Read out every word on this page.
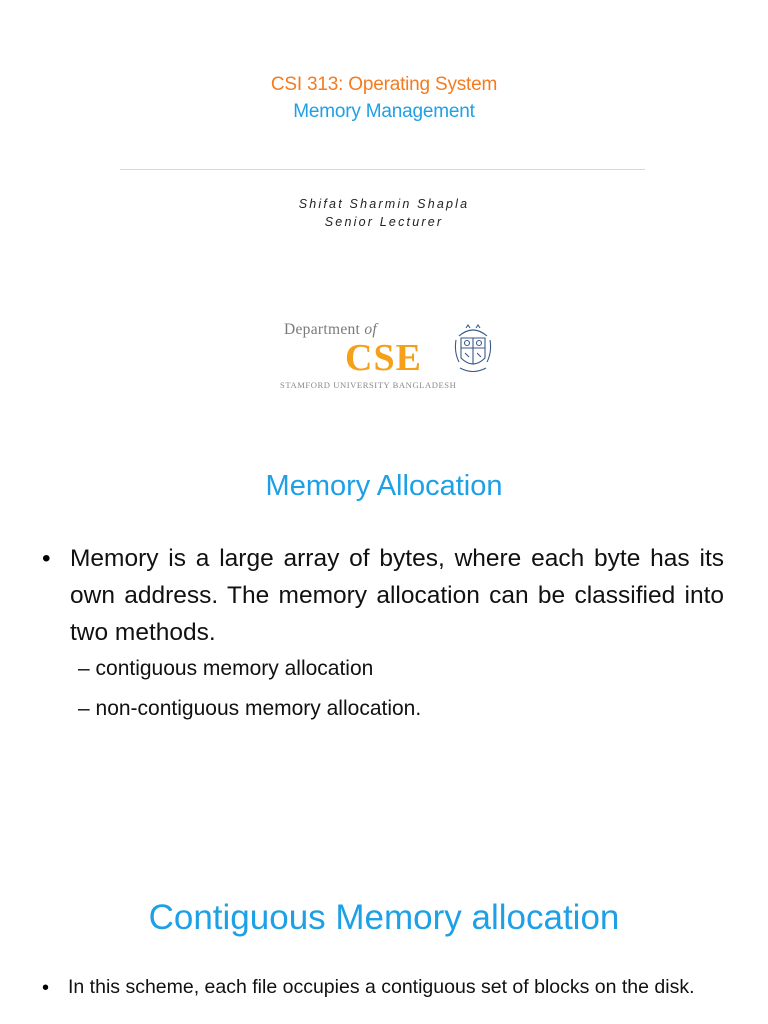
CSI 313: Operating System
Memory Management
Shifat Sharmin Shapla
Senior Lecturer
Department of
CSE
STAMFORD UNIVERSITY BANGLADESH
Memory Allocation
• Memory is a large array of bytes, where each byte has its own address. The memory allocation can be classified into two methods.
– contiguous memory allocation
– non-contiguous memory allocation.
Contiguous Memory allocation
• In this scheme, each file occupies a contiguous set of blocks on the disk.
